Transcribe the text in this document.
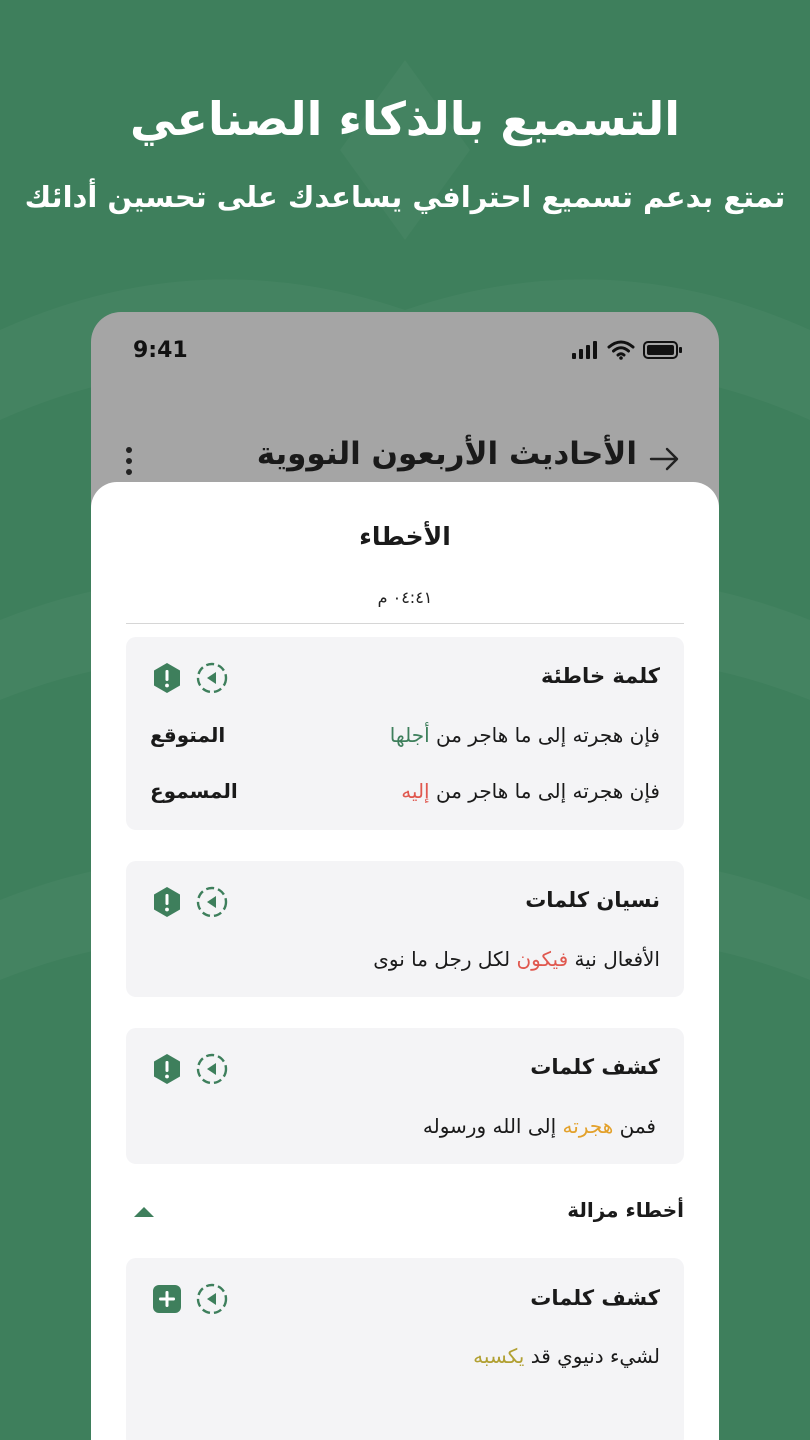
التسميع بالذكاء الصناعي
تمتع بدعم تسميع احترافي يساعدك على تحسين أدائك
9:41
الأحاديث الأربعون النووية
الأخطاء
٠٤:٤١ م
كلمة خاطئة
فإن هجرته إلى ما هاجر من أجلها
المتوقع
فإن هجرته إلى ما هاجر من إليه
المسموع
نسيان كلمات
الأفعال نية فيكون لكل رجل ما نوى
كشف كلمات
فمن هجرته إلى الله ورسوله
أخطاء مزالة
كشف كلمات
لشيء دنيوي قد يكسبه
